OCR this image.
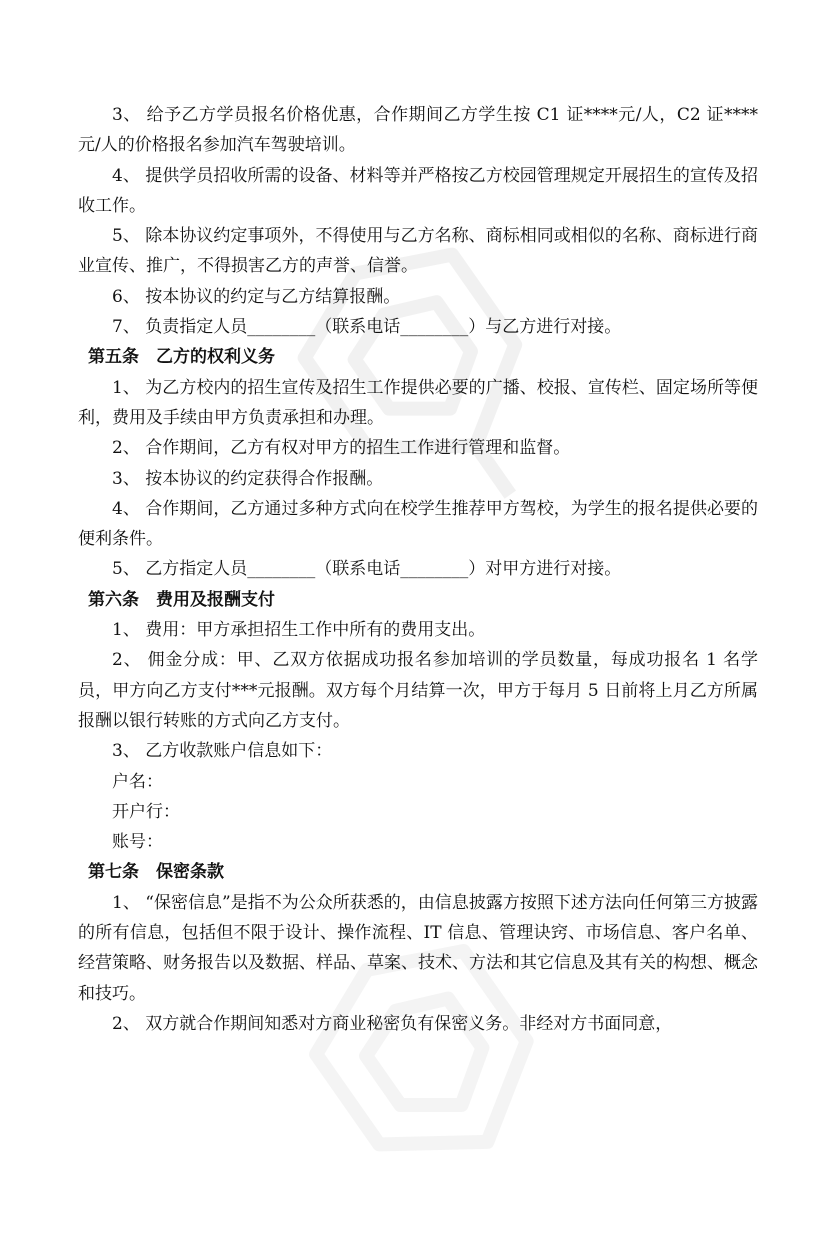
3、 给予乙方学员报名价格优惠，合作期间乙方学生按 C1 证****元/人，C2 证****元/人的价格报名参加汽车驾驶培训。

4、 提供学员招收所需的设备、材料等并严格按乙方校园管理规定开展招生的宣传及招收工作。

5、 除本协议约定事项外，不得使用与乙方名称、商标相同或相似的名称、商标进行商业宣传、推广，不得损害乙方的声誉、信誉。

6、 按本协议的约定与乙方结算报酬。

7、 负责指定人员________（联系电话________）与乙方进行对接。

第五条　乙方的权利义务

1、 为乙方校内的招生宣传及招生工作提供必要的广播、校报、宣传栏、固定场所等便利，费用及手续由甲方负责承担和办理。

2、 合作期间，乙方有权对甲方的招生工作进行管理和监督。

3、 按本协议的约定获得合作报酬。

4、 合作期间，乙方通过多种方式向在校学生推荐甲方驾校，为学生的报名提供必要的便利条件。

5、 乙方指定人员________（联系电话________）对甲方进行对接。

第六条　费用及报酬支付

1、 费用：甲方承担招生工作中所有的费用支出。

2、 佣金分成：甲、乙双方依据成功报名参加培训的学员数量，每成功报名 1 名学员，甲方向乙方支付***元报酬。双方每个月结算一次，甲方于每月 5 日前将上月乙方所属报酬以银行转账的方式向乙方支付。

3、 乙方收款账户信息如下：

户名：

开户行：

账号：

第七条　保密条款

1、 “保密信息”是指不为公众所获悉的，由信息披露方按照下述方法向任何第三方披露的所有信息，包括但不限于设计、操作流程、IT 信息、管理诀窍、市场信息、客户名单、经营策略、财务报告以及数据、样品、草案、技术、方法和其它信息及其有关的构想、概念和技巧。

2、 双方就合作期间知悉对方商业秘密负有保密义务。非经对方书面同意，
